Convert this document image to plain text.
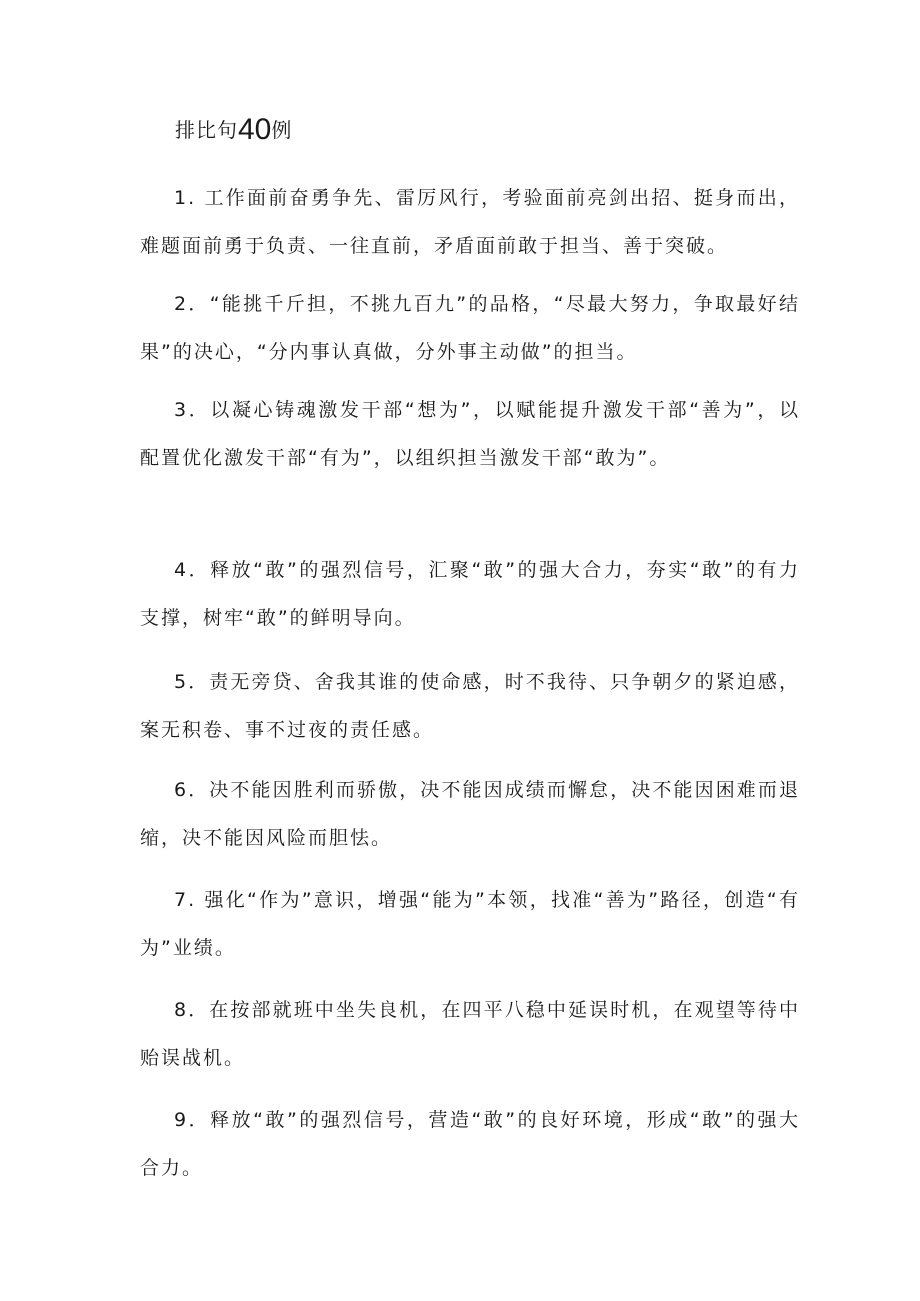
排比句40例

1. 工作面前奋勇争先、雷厉风行，考验面前亮剑出招、挺身而出，难题面前勇于负责、一往直前，矛盾面前敢于担当、善于突破。

2．“能挑千斤担，不挑九百九”的品格，“尽最大努力，争取最好结果”的决心，“分内事认真做，分外事主动做”的担当。

3．以凝心铸魂激发干部“想为”，以赋能提升激发干部“善为”，以配置优化激发干部“有为”，以组织担当激发干部“敢为”。

4．释放“敢”的强烈信号，汇聚“敢”的强大合力，夯实“敢”的有力支撑，树牢“敢”的鲜明导向。

5．责无旁贷、舍我其谁的使命感，时不我待、只争朝夕的紧迫感，案无积卷、事不过夜的责任感。

6．决不能因胜利而骄傲，决不能因成绩而懈怠，决不能因困难而退缩，决不能因风险而胆怯。

7. 强化“作为”意识，增强“能为”本领，找准“善为”路径，创造“有为”业绩。

8．在按部就班中坐失良机，在四平八稳中延误时机，在观望等待中贻误战机。

9．释放“敢”的强烈信号，营造“敢”的良好环境，形成“敢”的强大合力。
